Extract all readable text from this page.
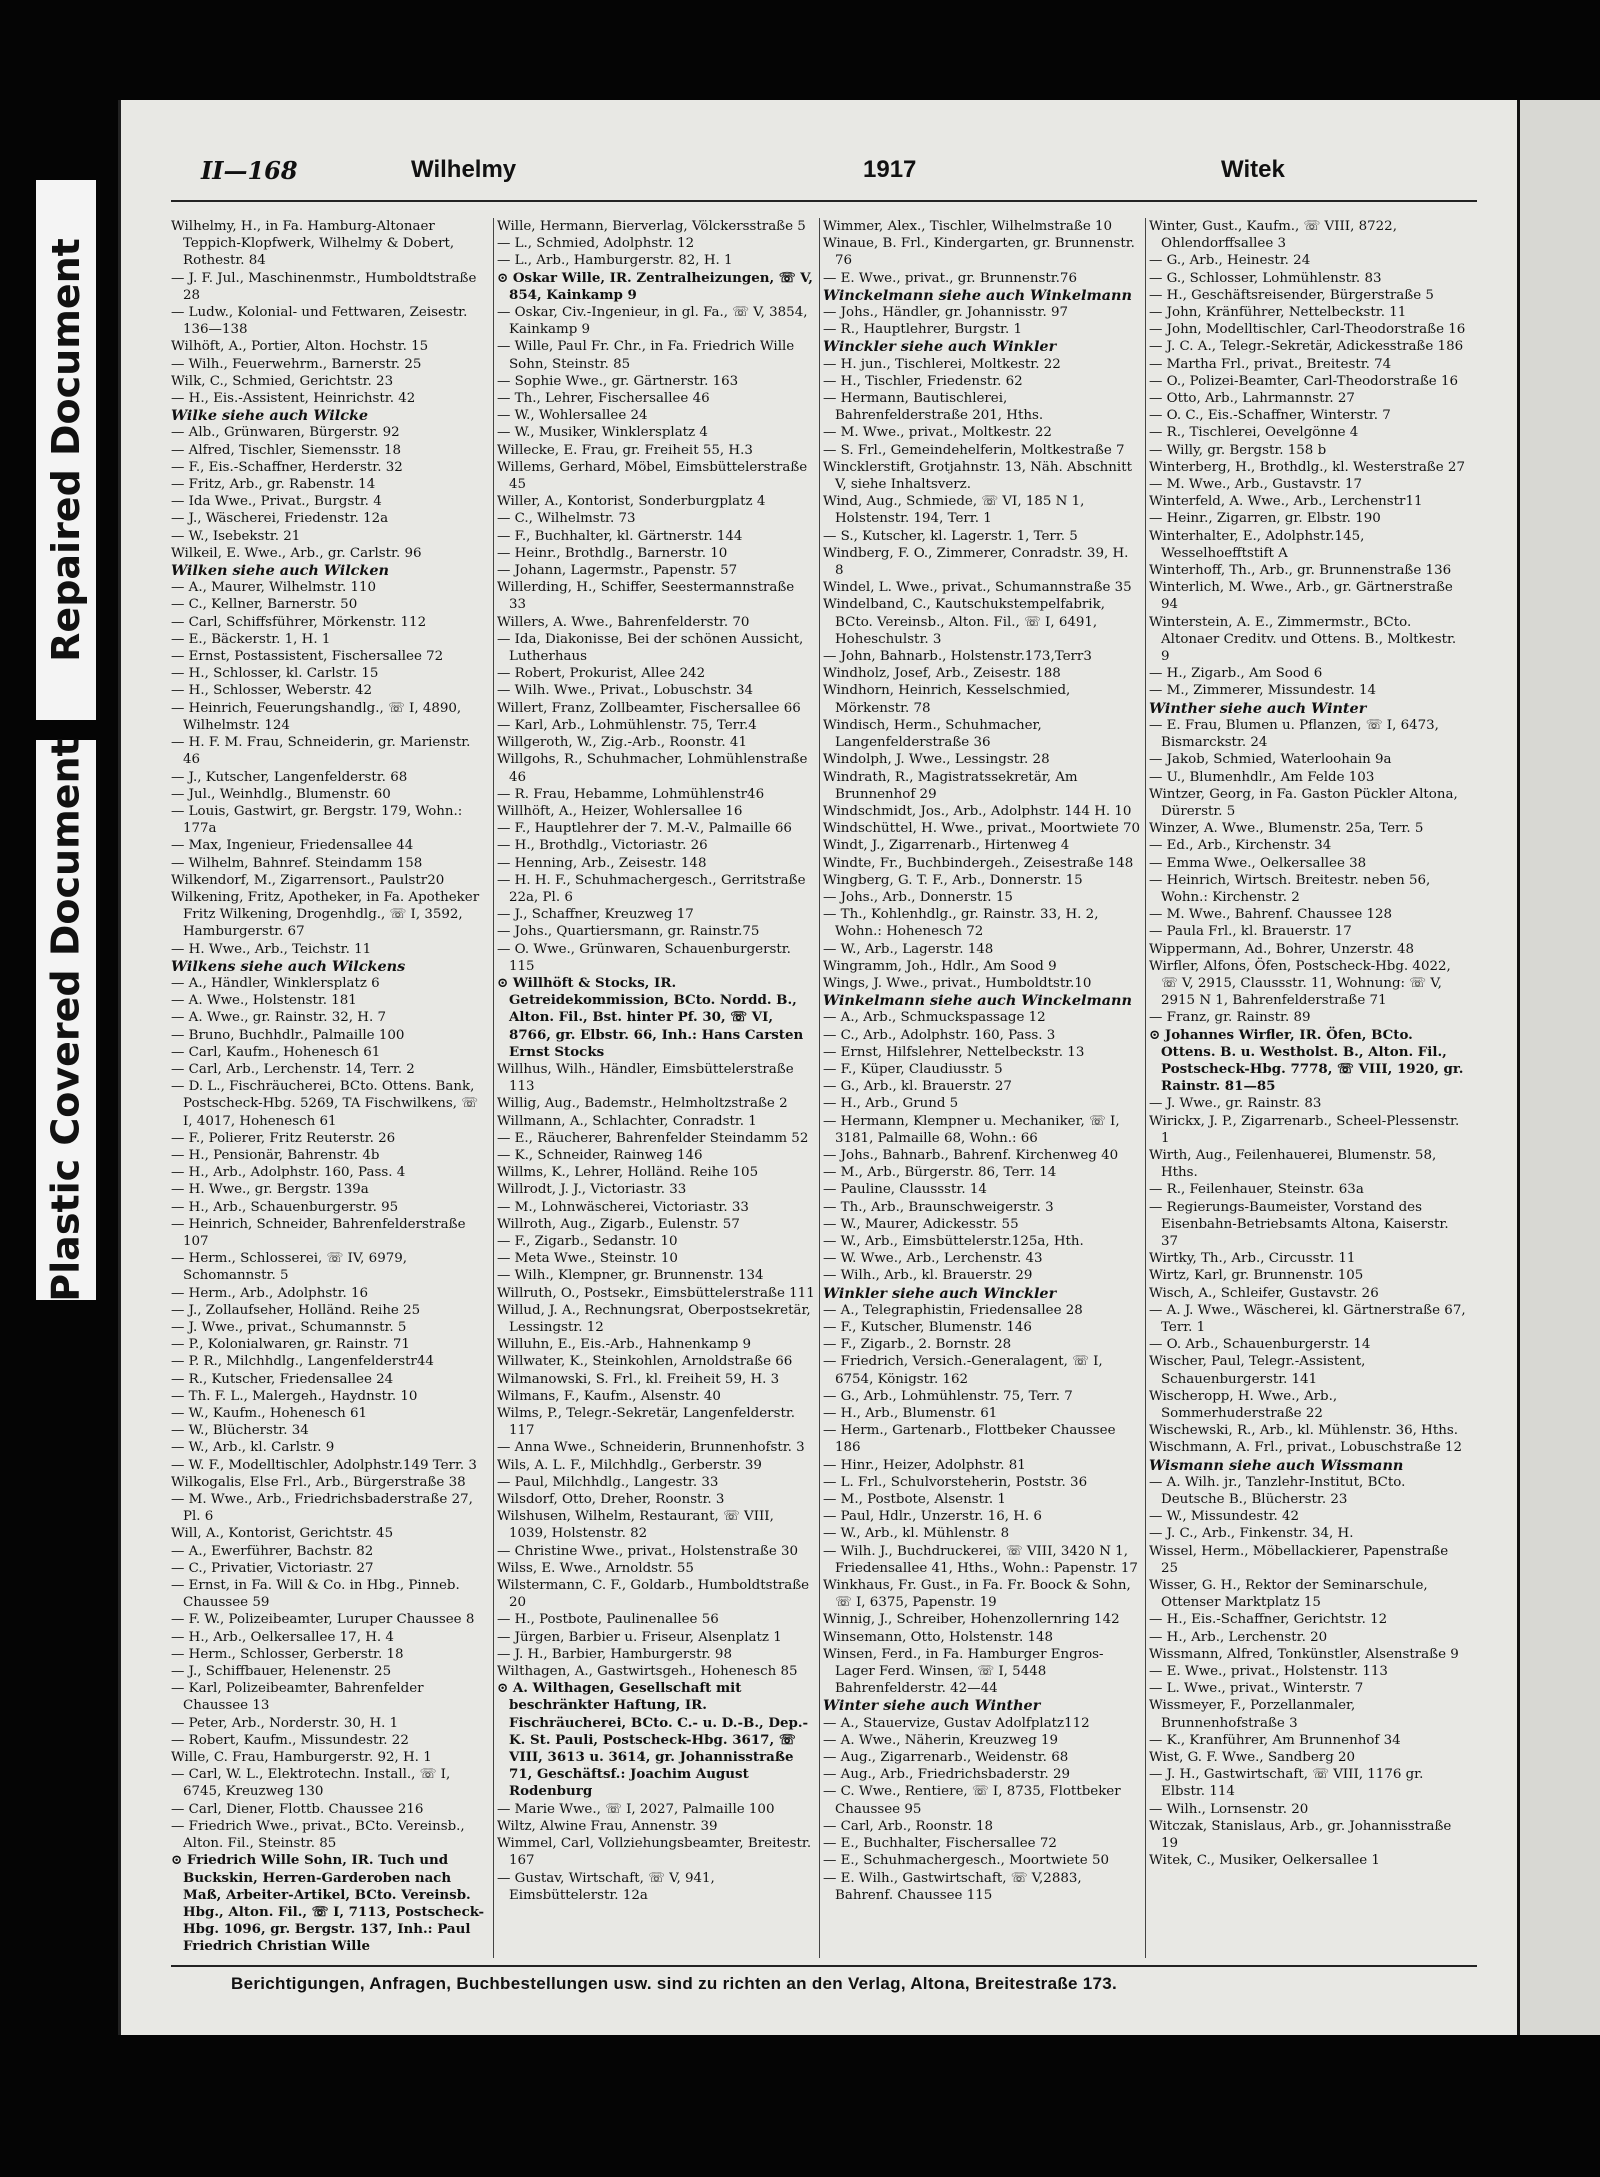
Repaired Document
Plastic Covered Document
II—168	Wilhelmy	1917	Witek

Wilhelmy, H., in Fa. Hamburg-Altonaer Teppich-Klopfwerk, Wilhelmy & Dobert, Rothestr. 84

— J. F. Jul., Maschinenmstr., Humboldtstraße 28

— Ludw., Kolonial- und Fettwaren, Zeisestr. 136—138

Wilhöft, A., Portier, Alton. Hochstr. 15

— Wilh., Feuerwehrm., Barnerstr. 25

Wilk, C., Schmied, Gerichtstr. 23

— H., Eis.-Assistent, Heinrichstr. 42

Wilke siehe auch Wilcke

— Alb., Grünwaren, Bürgerstr. 92

— Alfred, Tischler, Siemensstr. 18

— F., Eis.-Schaffner, Herderstr. 32

— Fritz, Arb., gr. Rabenstr. 14

— Ida Wwe., Privat., Burgstr. 4

— J., Wäscherei, Friedenstr. 12a

— W., Isebekstr. 21

Wilkeil, E. Wwe., Arb., gr. Carlstr. 96

Wilken siehe auch Wilcken

— A., Maurer, Wilhelmstr. 110

— C., Kellner, Barnerstr. 50

— Carl, Schiffsführer, Mörkenstr. 112

— E., Bäckerstr. 1, H. 1

— Ernst, Postassistent, Fischersallee 72

— H., Schlosser, kl. Carlstr. 15

— H., Schlosser, Weberstr. 42

— Heinrich, Feuerungshandlg., ☏ I, 4890, Wilhelmstr. 124

— H. F. M. Frau, Schneiderin, gr. Marienstr. 46

— J., Kutscher, Langenfelderstr. 68

— Jul., Weinhdlg., Blumenstr. 60

— Louis, Gastwirt, gr. Bergstr. 179, Wohn.: 177a

— Max, Ingenieur, Friedensallee 44

— Wilhelm, Bahnref. Steindamm 158

Wilkendorf, M., Zigarrensort., Paulstr20

Wilkening, Fritz, Apotheker, in Fa. Apotheker Fritz Wilkening, Drogenhdlg., ☏ I, 3592, Hamburgerstr. 67

— H. Wwe., Arb., Teichstr. 11

Wilkens siehe auch Wilckens

— A., Händler, Winklersplatz 6

— A. Wwe., Holstenstr. 181

— A. Wwe., gr. Rainstr. 32, H. 7

— Bruno, Buchhdlr., Palmaille 100

— Carl, Kaufm., Hohenesch 61

— Carl, Arb., Lerchenstr. 14, Terr. 2

— D. L., Fischräucherei, BCto. Ottens. Bank, Postscheck-Hbg. 5269, TA Fischwilkens, ☏ I, 4017, Hohenesch 61

— F., Polierer, Fritz Reuterstr. 26

— H., Pensionär, Bahrenstr. 4b

— H., Arb., Adolphstr. 160, Pass. 4

— H. Wwe., gr. Bergstr. 139a

— H., Arb., Schauenburgerstr. 95

— Heinrich, Schneider, Bahrenfelderstraße 107

— Herm., Schlosserei, ☏ IV, 6979, Schomannstr. 5

— Herm., Arb., Adolphstr. 16

— J., Zollaufseher, Holländ. Reihe 25

— J. Wwe., privat., Schumannstr. 5

— P., Kolonialwaren, gr. Rainstr. 71

— P. R., Milchhdlg., Langenfelderstr44

— R., Kutscher, Friedensallee 24

— Th. F. L., Malergeh., Haydnstr. 10

— W., Kaufm., Hohenesch 61

— W., Blücherstr. 34

— W., Arb., kl. Carlstr. 9

— W. F., Modelltischler, Adolphstr.149 Terr. 3

Wilkogalis, Else Frl., Arb., Bürgerstraße 38

— M. Wwe., Arb., Friedrichsbaderstraße 27, Pl. 6

Will, A., Kontorist, Gerichtstr. 45

— A., Ewerführer, Bachstr. 82

— C., Privatier, Victoriastr. 27

— Ernst, in Fa. Will & Co. in Hbg., Pinneb. Chaussee 59

— F. W., Polizeibeamter, Luruper Chaussee 8

— H., Arb., Oelkersallee 17, H. 4

— Herm., Schlosser, Gerberstr. 18

— J., Schiffbauer, Helenenstr. 25

— Karl, Polizeibeamter, Bahrenfelder Chaussee 13

— Peter, Arb., Norderstr. 30, H. 1

— Robert, Kaufm., Missundestr. 22

Wille, C. Frau, Hamburgerstr. 92, H. 1

— Carl, W. L., Elektrotechn. Install., ☏ I, 6745, Kreuzweg 130

— Carl, Diener, Flottb. Chaussee 216

— Friedrich Wwe., privat., BCto. Vereinsb., Alton. Fil., Steinstr. 85

⊙ Friedrich Wille Sohn, IR. Tuch und Buckskin, Herren-Garderoben nach Maß, Arbeiter-Artikel, BCto. Vereinsb. Hbg., Alton. Fil., ☏ I, 7113, Postscheck-Hbg. 1096, gr. Bergstr. 137, Inh.: Paul Friedrich Christian Wille

Wille, Hermann, Bierverlag, Völckersstraße 5

— L., Schmied, Adolphstr. 12

— L., Arb., Hamburgerstr. 82, H. 1

⊙ Oskar Wille, IR. Zentralheizungen, ☏ V, 854, Kainkamp 9

— Oskar, Civ.-Ingenieur, in gl. Fa., ☏ V, 3854, Kainkamp 9

— Wille, Paul Fr. Chr., in Fa. Friedrich Wille Sohn, Steinstr. 85

— Sophie Wwe., gr. Gärtnerstr. 163

— Th., Lehrer, Fischersallee 46

— W., Wohlersallee 24

— W., Musiker, Winklersplatz 4

Willecke, E. Frau, gr. Freiheit 55, H.3

Willems, Gerhard, Möbel, Eimsbüttelerstraße 45

Willer, A., Kontorist, Sonderburgplatz 4

— C., Wilhelmstr. 73

— F., Buchhalter, kl. Gärtnerstr. 144

— Heinr., Brothdlg., Barnerstr. 10

— Johann, Lagermstr., Papenstr. 57

Willerding, H., Schiffer, Seestermannstraße 33

Willers, A. Wwe., Bahrenfelderstr. 70

— Ida, Diakonisse, Bei der schönen Aussicht, Lutherhaus

— Robert, Prokurist, Allee 242

— Wilh. Wwe., Privat., Lobuschstr. 34

Willert, Franz, Zollbeamter, Fischersallee 66

— Karl, Arb., Lohmühlenstr. 75, Terr.4

Willgeroth, W., Zig.-Arb., Roonstr. 41

Willgohs, R., Schuhmacher, Lohmühlenstraße 46

— R. Frau, Hebamme, Lohmühlenstr46

Willhöft, A., Heizer, Wohlersallee 16

— F., Hauptlehrer der 7. M.-V., Palmaille 66

— H., Brothdlg., Victoriastr. 26

— Henning, Arb., Zeisestr. 148

— H. H. F., Schuhmachergesch., Gerritstraße 22a, Pl. 6

— J., Schaffner, Kreuzweg 17

— Johs., Quartiersmann, gr. Rainstr.75

— O. Wwe., Grünwaren, Schauenburgerstr. 115

⊙ Willhöft & Stocks, IR. Getreidekommission, BCto. Nordd. B., Alton. Fil., Bst. hinter Pf. 30, ☏ VI, 8766, gr. Elbstr. 66, Inh.: Hans Carsten Ernst Stocks

Willhus, Wilh., Händler, Eimsbüttelerstraße 113

Willig, Aug., Bademstr., Helmholtzstraße 2

Willmann, A., Schlachter, Conradstr. 1

— E., Räucherer, Bahrenfelder Steindamm 52

— K., Schneider, Rainweg 146

Willms, K., Lehrer, Holländ. Reihe 105

Willrodt, J. J., Victoriastr. 33

— M., Lohnwäscherei, Victoriastr. 33

Willroth, Aug., Zigarb., Eulenstr. 57

— F., Zigarb., Sedanstr. 10

— Meta Wwe., Steinstr. 10

— Wilh., Klempner, gr. Brunnenstr. 134

Willruth, O., Postsekr., Eimsbüttelerstraße 111

Willud, J. A., Rechnungsrat, Oberpostsekretär, Lessingstr. 12

Willuhn, E., Eis.-Arb., Hahnenkamp 9

Willwater, K., Steinkohlen, Arnoldstraße 66

Wilmanowski, S. Frl., kl. Freiheit 59, H. 3

Wilmans, F., Kaufm., Alsenstr. 40

Wilms, P., Telegr.-Sekretär, Langenfelderstr. 117

— Anna Wwe., Schneiderin, Brunnenhofstr. 3

Wils, A. L. F., Milchhdlg., Gerberstr. 39

— Paul, Milchhdlg., Langestr. 33

Wilsdorf, Otto, Dreher, Roonstr. 3

Wilshusen, Wilhelm, Restaurant, ☏ VIII, 1039, Holstenstr. 82

— Christine Wwe., privat., Holstenstraße 30

Wilss, E. Wwe., Arnoldstr. 55

Wilstermann, C. F., Goldarb., Humboldtstraße 20

— H., Postbote, Paulinenallee 56

— Jürgen, Barbier u. Friseur, Alsenplatz 1

— J. H., Barbier, Hamburgerstr. 98

Wilthagen, A., Gastwirtsgeh., Hohenesch 85

⊙ A. Wilthagen, Gesellschaft mit beschränkter Haftung, IR. Fischräucherei, BCto. C.- u. D.-B., Dep.-K. St. Pauli, Postscheck-Hbg. 3617, ☏ VIII, 3613 u. 3614, gr. Johannisstraße 71, Geschäftsf.: Joachim August Rodenburg

— Marie Wwe., ☏ I, 2027, Palmaille 100

Wiltz, Alwine Frau, Annenstr. 39

Wimmel, Carl, Vollziehungsbeamter, Breitestr. 167

— Gustav, Wirtschaft, ☏ V, 941, Eimsbüttelerstr. 12a

Wimmer, Alex., Tischler, Wilhelmstraße 10

Winaue, B. Frl., Kindergarten, gr. Brunnenstr. 76

— E. Wwe., privat., gr. Brunnenstr.76

Winckelmann siehe auch Winkelmann

— Johs., Händler, gr. Johannisstr. 97

— R., Hauptlehrer, Burgstr. 1

Winckler siehe auch Winkler

— H. jun., Tischlerei, Moltkestr. 22

— H., Tischler, Friedenstr. 62

— Hermann, Bautischlerei, Bahrenfelderstraße 201, Hths.

— M. Wwe., privat., Moltkestr. 22

— S. Frl., Gemeindehelferin, Moltkestraße 7

Wincklerstift, Grotjahnstr. 13, Näh. Abschnitt V, siehe Inhaltsverz.

Wind, Aug., Schmiede, ☏ VI, 185 N 1, Holstenstr. 194, Terr. 1

— S., Kutscher, kl. Lagerstr. 1, Terr. 5

Windberg, F. O., Zimmerer, Conradstr. 39, H. 8

Windel, L. Wwe., privat., Schumannstraße 35

Windelband, C., Kautschukstempelfabrik, BCto. Vereinsb., Alton. Fil., ☏ I, 6491, Hoheschulstr. 3

— John, Bahnarb., Holstenstr.173,Terr3

Windholz, Josef, Arb., Zeisestr. 188

Windhorn, Heinrich, Kesselschmied, Mörkenstr. 78

Windisch, Herm., Schuhmacher, Langenfelderstraße 36

Windolph, J. Wwe., Lessingstr. 28

Windrath, R., Magistratssekretär, Am Brunnenhof 29

Windschmidt, Jos., Arb., Adolphstr. 144 H. 10

Windschüttel, H. Wwe., privat., Moortwiete 70

Windt, J., Zigarrenarb., Hirtenweg 4

Windte, Fr., Buchbindergeh., Zeisestraße 148

Wingberg, G. T. F., Arb., Donnerstr. 15

— Johs., Arb., Donnerstr. 15

— Th., Kohlenhdlg., gr. Rainstr. 33, H. 2, Wohn.: Hohenesch 72

— W., Arb., Lagerstr. 148

Wingramm, Joh., Hdlr., Am Sood 9

Wings, J. Wwe., privat., Humboldtstr.10

Winkelmann siehe auch Winckelmann

— A., Arb., Schmuckspassage 12

— C., Arb., Adolphstr. 160, Pass. 3

— Ernst, Hilfslehrer, Nettelbeckstr. 13

— F., Küper, Claudiusstr. 5

— G., Arb., kl. Brauerstr. 27

— H., Arb., Grund 5

— Hermann, Klempner u. Mechaniker, ☏ I, 3181, Palmaille 68, Wohn.: 66

— Johs., Bahnarb., Bahrenf. Kirchenweg 40

— M., Arb., Bürgerstr. 86, Terr. 14

— Pauline, Claussstr. 14

— Th., Arb., Braunschweigerstr. 3

— W., Maurer, Adickesstr. 55

— W., Arb., Eimsbüttelerstr.125a, Hth.

— W. Wwe., Arb., Lerchenstr. 43

— Wilh., Arb., kl. Brauerstr. 29

Winkler siehe auch Winckler

— A., Telegraphistin, Friedensallee 28

— F., Kutscher, Blumenstr. 146

— F., Zigarb., 2. Bornstr. 28

— Friedrich, Versich.-Generalagent, ☏ I, 6754, Königstr. 162

— G., Arb., Lohmühlenstr. 75, Terr. 7

— H., Arb., Blumenstr. 61

— Herm., Gartenarb., Flottbeker Chaussee 186

— Hinr., Heizer, Adolphstr. 81

— L. Frl., Schulvorsteherin, Poststr. 36

— M., Postbote, Alsenstr. 1

— Paul, Hdlr., Unzerstr. 16, H. 6

— W., Arb., kl. Mühlenstr. 8

— Wilh. J., Buchdruckerei, ☏ VIII, 3420 N 1, Friedensallee 41, Hths., Wohn.: Papenstr. 17

Winkhaus, Fr. Gust., in Fa. Fr. Boock & Sohn, ☏ I, 6375, Papenstr. 19

Winnig, J., Schreiber, Hohenzollernring 142

Winsemann, Otto, Holstenstr. 148

Winsen, Ferd., in Fa. Hamburger Engros-Lager Ferd. Winsen, ☏ I, 5448 Bahrenfelderstr. 42—44

Winter siehe auch Winther

— A., Stauervize, Gustav Adolfplatz112

— A. Wwe., Näherin, Kreuzweg 19

— Aug., Zigarrenarb., Weidenstr. 68

— Aug., Arb., Friedrichsbaderstr. 29

— C. Wwe., Rentiere, ☏ I, 8735, Flottbeker Chaussee 95

— Carl, Arb., Roonstr. 18

— E., Buchhalter, Fischersallee 72

— E., Schuhmachergesch., Moortwiete 50

— E. Wilh., Gastwirtschaft, ☏ V,2883, Bahrenf. Chaussee 115

Winter, Gust., Kaufm., ☏ VIII, 8722, Ohlendorffsallee 3

— G., Arb., Heinestr. 24

— G., Schlosser, Lohmühlenstr. 83

— H., Geschäftsreisender, Bürgerstraße 5

— John, Kränführer, Nettelbeckstr. 11

— John, Modelltischler, Carl-Theodorstraße 16

— J. C. A., Telegr.-Sekretär, Adickesstraße 186

— Martha Frl., privat., Breitestr. 74

— O., Polizei-Beamter, Carl-Theodorstraße 16

— Otto, Arb., Lahrmannstr. 27

— O. C., Eis.-Schaffner, Winterstr. 7

— R., Tischlerei, Oevelgönne 4

— Willy, gr. Bergstr. 158 b

Winterberg, H., Brothdlg., kl. Westerstraße 27

— M. Wwe., Arb., Gustavstr. 17

Winterfeld, A. Wwe., Arb., Lerchenstr11

— Heinr., Zigarren, gr. Elbstr. 190

Winterhalter, E., Adolphstr.145, Wesselhoefftstift A

Winterhoff, Th., Arb., gr. Brunnenstraße 136

Winterlich, M. Wwe., Arb., gr. Gärtnerstraße 94

Winterstein, A. E., Zimmermstr., BCto. Altonaer Creditv. und Ottens. B., Moltkestr. 9

— H., Zigarb., Am Sood 6

— M., Zimmerer, Missundestr. 14

Winther siehe auch Winter

— E. Frau, Blumen u. Pflanzen, ☏ I, 6473, Bismarckstr. 24

— Jakob, Schmied, Waterloohain 9a

— U., Blumenhdlr., Am Felde 103

Wintzer, Georg, in Fa. Gaston Pückler Altona, Dürerstr. 5

Winzer, A. Wwe., Blumenstr. 25a, Terr. 5

— Ed., Arb., Kirchenstr. 34

— Emma Wwe., Oelkersallee 38

— Heinrich, Wirtsch. Breitestr. neben 56, Wohn.: Kirchenstr. 2

— M. Wwe., Bahrenf. Chaussee 128

— Paula Frl., kl. Brauerstr. 17

Wippermann, Ad., Bohrer, Unzerstr. 48

Wirfler, Alfons, Öfen, Postscheck-Hbg. 4022, ☏ V, 2915, Claussstr. 11, Wohnung: ☏ V, 2915 N 1, Bahrenfelderstraße 71

— Franz, gr. Rainstr. 89

⊙ Johannes Wirfler, IR. Öfen, BCto. Ottens. B. u. Westholst. B., Alton. Fil., Postscheck-Hbg. 7778, ☏ VIII, 1920, gr. Rainstr. 81—85

— J. Wwe., gr. Rainstr. 83

Wirickx, J. P., Zigarrenarb., Scheel-Plessenstr. 1

Wirth, Aug., Feilenhauerei, Blumenstr. 58, Hths.

— R., Feilenhauer, Steinstr. 63a

— Regierungs-Baumeister, Vorstand des Eisenbahn-Betriebsamts Altona, Kaiserstr. 37

Wirtky, Th., Arb., Circusstr. 11

Wirtz, Karl, gr. Brunnenstr. 105

Wisch, A., Schleifer, Gustavstr. 26

— A. J. Wwe., Wäscherei, kl. Gärtnerstraße 67, Terr. 1

— O. Arb., Schauenburgerstr. 14

Wischer, Paul, Telegr.-Assistent, Schauenburgerstr. 141

Wischeropp, H. Wwe., Arb., Sommerhuderstraße 22

Wischewski, R., Arb., kl. Mühlenstr. 36, Hths.

Wischmann, A. Frl., privat., Lobuschstraße 12

Wismann siehe auch Wissmann

— A. Wilh. jr., Tanzlehr-Institut, BCto. Deutsche B., Blücherstr. 23

— W., Missundestr. 42

— J. C., Arb., Finkenstr. 34, H.

Wissel, Herm., Möbellackierer, Papenstraße 25

Wisser, G. H., Rektor der Seminarschule, Ottenser Marktplatz 15

— H., Eis.-Schaffner, Gerichtstr. 12

— H., Arb., Lerchenstr. 20

Wissmann, Alfred, Tonkünstler, Alsenstraße 9

— E. Wwe., privat., Holstenstr. 113

— L. Wwe., privat., Winterstr. 7

Wissmeyer, F., Porzellanmaler, Brunnenhofstraße 3

— K., Kranführer, Am Brunnenhof 34

Wist, G. F. Wwe., Sandberg 20

— J. H., Gastwirtschaft, ☏ VIII, 1176 gr. Elbstr. 114

— Wilh., Lornsenstr. 20

Witczak, Stanislaus, Arb., gr. Johannisstraße 19

Witek, C., Musiker, Oelkersallee 1

Berichtigungen, Anfragen, Buchbestellungen usw. sind zu richten an den Verlag, Altona, Breitestraße 173.
